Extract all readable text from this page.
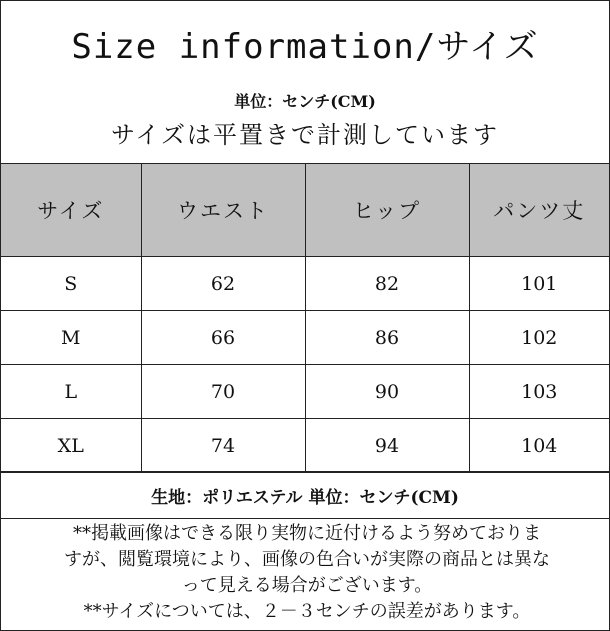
Size information/サイズ
単位：センチ(CM)
サイズは平置きで計測しています
サイズ	ウエスト	ヒップ	パンツ丈
S	62	82	101
M	66	86	102
L	70	90	103
XL	74	94	104
生地：ポリエステル 単位：センチ(CM)

**掲載画像はできる限り実物に近付けるよう努めておりま

すが、閲覧環境により、画像の色合いが実際の商品とは異な

って見える場合がございます。

**サイズについては、２－３センチの誤差があります。
